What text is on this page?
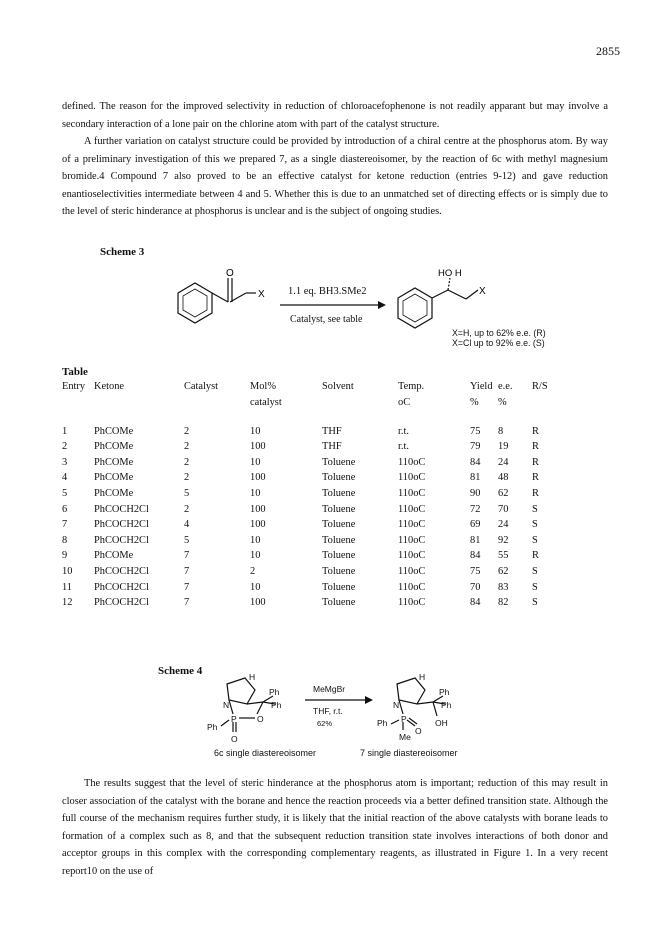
2855

defined. The reason for the improved selectivity in reduction of chloroacefophenone is not readily apparant but may involve a secondary interaction of a lone pair on the chlorine atom with part of the catalyst structure.

A further variation on catalyst structure could be provided by introduction of a chiral centre at the phosphorus atom. By way of a preliminary investigation of this we prepared 7, as a single diastereoisomer, by the reaction of 6c with methyl magnesium bromide.4 Compound 7 also proved to be an effective catalyst for ketone reduction (entries 9-12) and gave reduction enantioselectivities intermediate between 4 and 5. Whether this is due to an unmatched set of directing effects or is simply due to the level of steric hinderance at phosphorus is unclear and is the subject of ongoing studies.

Scheme 3
O
X
HO H
X
1.1 eq. BH3.SMe2
Catalyst, see table
X=H, up to 62% e.e. (R)
X=Cl up to 92% e.e. (S)
Table
Entry	Ketone	Catalyst	Mol%	Solvent	Temp.	Yield	e.e.	R/S
			catalyst		oC	%	%	

1	PhCOMe	2	10	THF	r.t.	75	8	R
2	PhCOMe	2	100	THF	r.t.	79	19	R
3	PhCOMe	2	10	Toluene	110oC	84	24	R
4	PhCOMe	2	100	Toluene	110oC	81	48	R
5	PhCOMe	5	10	Toluene	110oC	90	62	R
6	PhCOCH2Cl	2	100	Toluene	110oC	72	70	S
7	PhCOCH2Cl	4	100	Toluene	110oC	69	24	S
8	PhCOCH2Cl	5	10	Toluene	110oC	81	92	S
9	PhCOMe	7	10	Toluene	110oC	84	55	R
10	PhCOCH2Cl	7	2	Toluene	110oC	75	62	S
11	PhCOCH2Cl	7	10	Toluene	110oC	70	83	S
12	PhCOCH2Cl	7	100	Toluene	110oC	84	82	S
Scheme 4	H
Ph
Ph
N
P O
Ph
O
MeMgBr
THF, r.t.
62%
H
Ph
Ph
N
P	OH
Ph
O
Me
6c single diastereoisomer	7 single diastereoisomer

The results suggest that the level of steric hinderance at the phosphorus atom is important; reduction of this may result in closer association of the catalyst with the borane and hence the reaction proceeds via a better defined transition state. Although the full course of the mechanism requires further study, it is likely that the initial reaction of the above catalysts with borane leads to formation of a complex such as 8, and that the subsequent reduction transition state involves interactions of both donor and acceptor groups in this complex with the corresponding complementary reagents, as illustrated in Figure 1. In a very recent report10 on the use of
